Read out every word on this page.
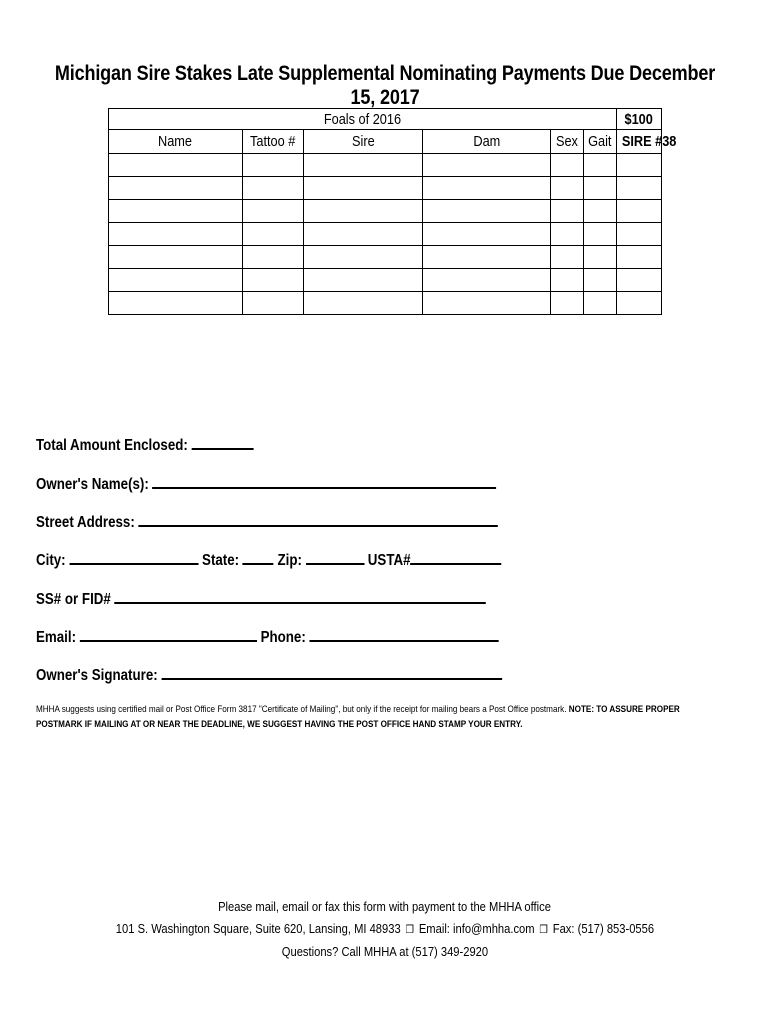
Michigan Sire Stakes Late Supplemental Nominating Payments Due December 15, 2017
Foals of 2016						$100
Name	Tattoo #	Sire	Dam	Sex	Gait	SIRE #38

Total Amount Enclosed:
Owner's Name(s):
Street Address:
City:	State: Zip:	USTA#
SS# or FID#
Email:	Phone:
Owner's Signature:
MHHA suggests using certified mail or Post Office Form 3817 "Certificate of Mailing", but only if the receipt for mailing bears a Post Office postmark. NOTE: TO ASSURE PROPER POSTMARK IF MAILING AT OR NEAR THE DEADLINE, WE SUGGEST HAVING THE POST OFFICE HAND STAMP YOUR ENTRY.
Please mail, email or fax this form with payment to the MHHA office
101 S. Washington Square, Suite 620, Lansing, MI 48933 ❒ Email: info@mhha.com ❒ Fax: (517) 853-0556
Questions? Call MHHA at (517) 349-2920
